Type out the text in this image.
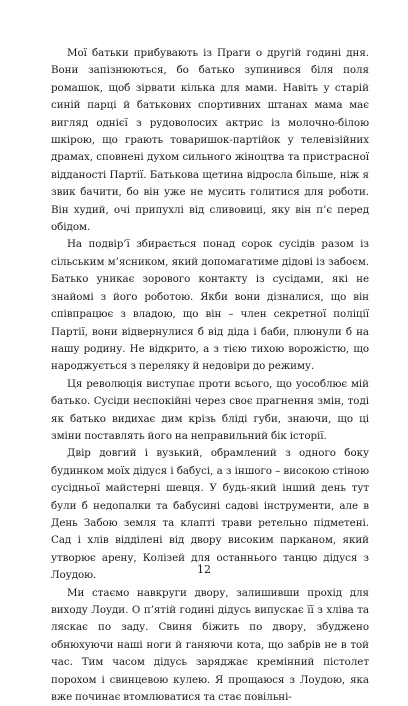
Мої батьки прибувають із Праги о другій годині дня. Вони запізнюються, бо батько зупинився біля поля ромашок, щоб зірвати кілька для мами. Навіть у старій синій парці й батькових спортивних штанах мама має вигляд однієї з рудоволосих актрис із молочно-білою шкірою, що грають товаришок-партійок у телевізійних драмах, сповнені духом сильного жіноцтва та пристрасної відданості Партії. Батькова щетина відросла більше, ніж я звик бачити, бо він уже не мусить голитися для роботи. Він худий, очі припухлі від сливовиці, яку він п’є перед обідом.

На подвір’ї збирається понад сорок сусідів разом із сільським м’ясником, який допомагатиме дідові із забоєм. Батько уникає зорового контакту із сусідами, які не знайомі з його роботою. Якби вони дізналися, що він співпрацює з владою, що він – член секретної поліції Партії, вони відвернулися б від діда і баби, плюнули б на нашу родину. Не відкрито, а з тією тихою ворожістю, що народжується з переляку й недовіри до режиму.

Ця революція виступає проти всього, що уособлює мій батько. Сусіди неспокійні через своє прагнення змін, тоді як батько видихає дим крізь бліді губи, знаючи, що ці зміни поставлять його на неправильний бік історії.

Двір довгий і вузький, обрамлений з одного боку будинком моїх дідуся і бабусі, а з іншого – високою стіною сусідньої майстерні шевця. У будь-який інший день тут були б недопалки та бабусині садові інструменти, але в День Забою земля та клапті трави ретельно підметені. Сад і хлів відділені від двору високим парканом, який утворює арену, Колізей для останнього танцю дідуся з Лоудою.

Ми стаємо навкруги двору, залишивши прохід для виходу Лоуди. О п’ятій годині дідусь випускає її з хліва та ляскає по заду. Свиня біжить по двору, збуджено обнюхуючи наші ноги й ганяючи кота, що забрів не в той час. Тим часом дідусь заряджає кремінний пістолет порохом і свинцевою кулею. Я прощаюся з Лоудою, яка вже починає втомлюватися та стає повільні-

12
